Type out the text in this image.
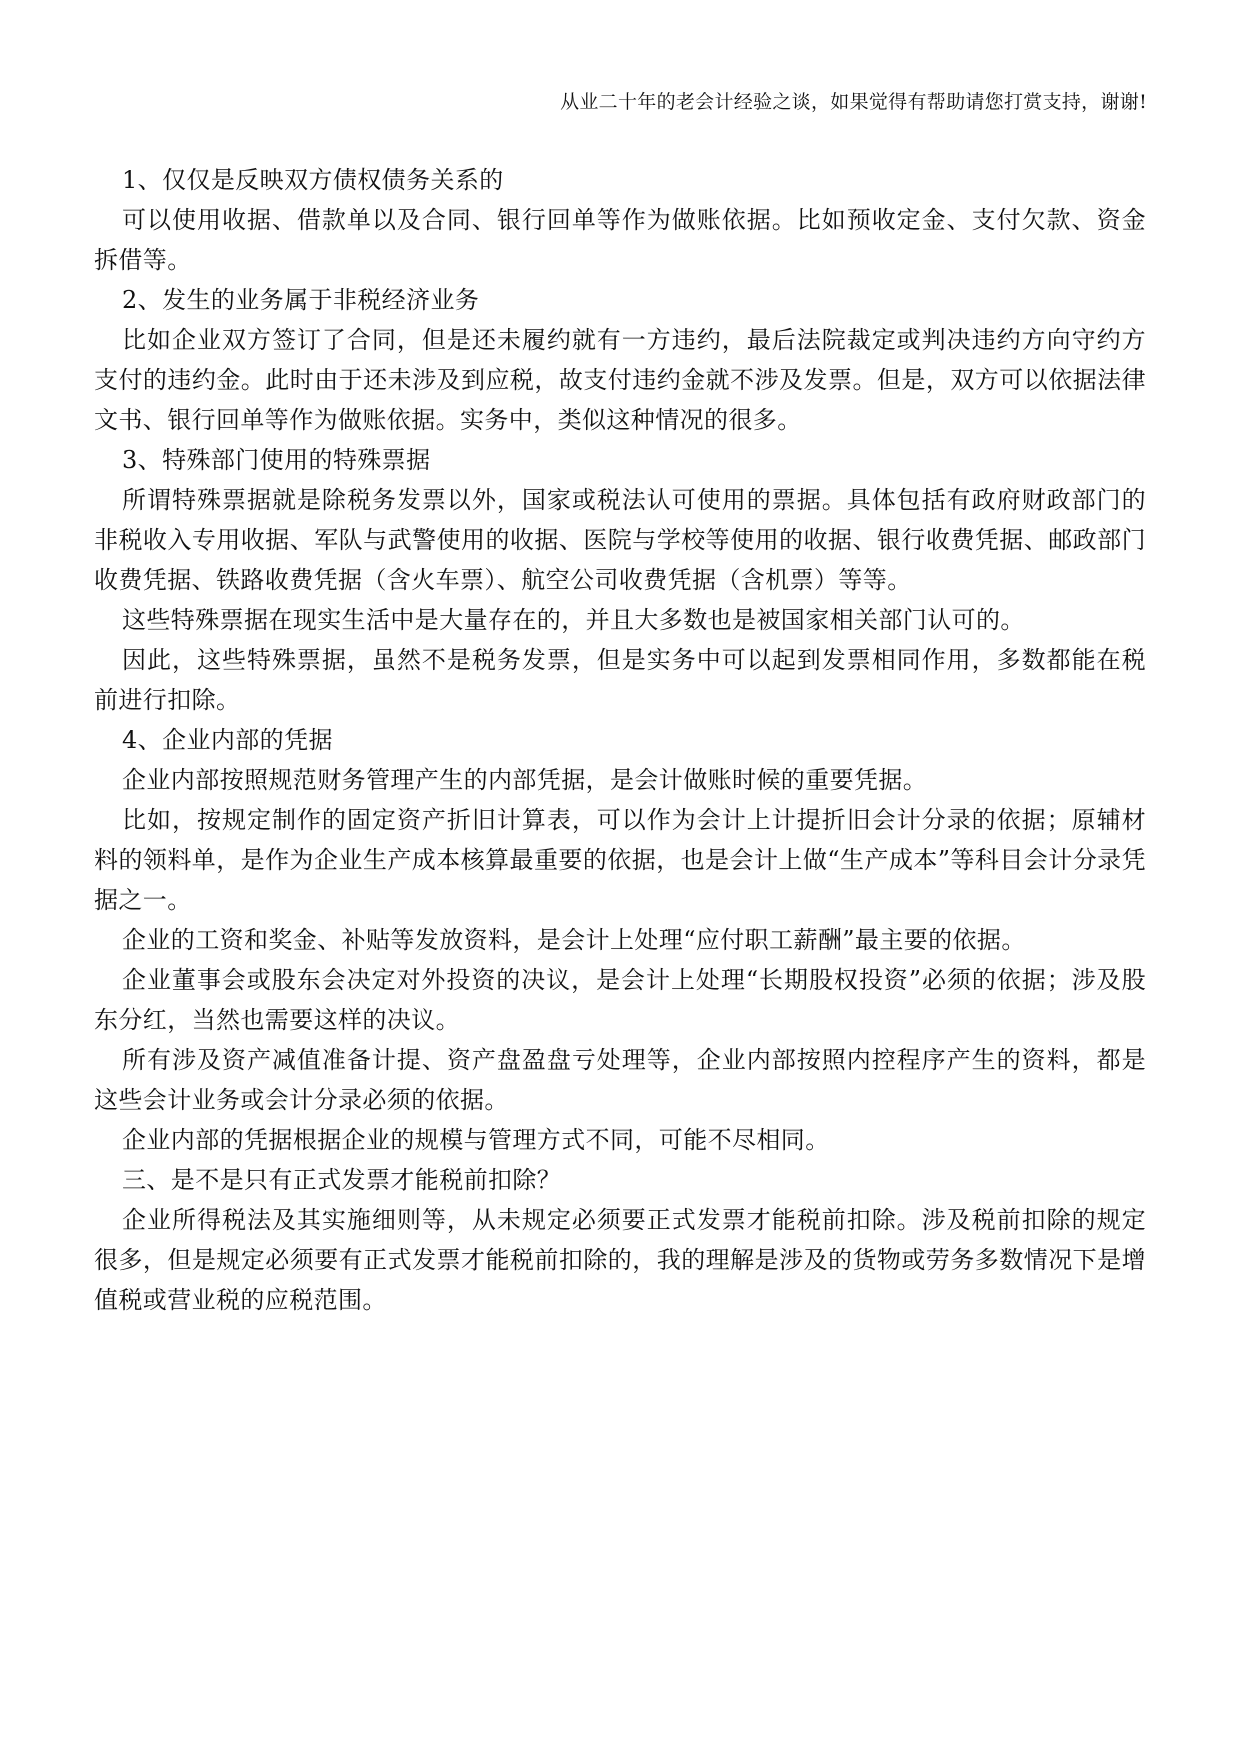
从业二十年的老会计经验之谈，如果觉得有帮助请您打赏支持，谢谢!

1、仅仅是反映双方债权债务关系的

可以使用收据、借款单以及合同、银行回单等作为做账依据。比如预收定金、支付欠款、资金拆借等。

2、发生的业务属于非税经济业务

比如企业双方签订了合同，但是还未履约就有一方违约，最后法院裁定或判决违约方向守约方支付的违约金。此时由于还未涉及到应税，故支付违约金就不涉及发票。但是，双方可以依据法律文书、银行回单等作为做账依据。实务中，类似这种情况的很多。

3、特殊部门使用的特殊票据

所谓特殊票据就是除税务发票以外，国家或税法认可使用的票据。具体包括有政府财政部门的非税收入专用收据、军队与武警使用的收据、医院与学校等使用的收据、银行收费凭据、邮政部门收费凭据、铁路收费凭据（含火车票）、航空公司收费凭据（含机票）等等。

这些特殊票据在现实生活中是大量存在的，并且大多数也是被国家相关部门认可的。

因此，这些特殊票据，虽然不是税务发票，但是实务中可以起到发票相同作用，多数都能在税前进行扣除。

4、企业内部的凭据

企业内部按照规范财务管理产生的内部凭据，是会计做账时候的重要凭据。

比如，按规定制作的固定资产折旧计算表，可以作为会计上计提折旧会计分录的依据；原辅材料的领料单，是作为企业生产成本核算最重要的依据，也是会计上做“生产成本”等科目会计分录凭据之一。

企业的工资和奖金、补贴等发放资料，是会计上处理“应付职工薪酬”最主要的依据。

企业董事会或股东会决定对外投资的决议，是会计上处理“长期股权投资”必须的依据；涉及股东分红，当然也需要这样的决议。

所有涉及资产减值准备计提、资产盘盈盘亏处理等，企业内部按照内控程序产生的资料，都是这些会计业务或会计分录必须的依据。

企业内部的凭据根据企业的规模与管理方式不同，可能不尽相同。

三、是不是只有正式发票才能税前扣除？

企业所得税法及其实施细则等，从未规定必须要正式发票才能税前扣除。涉及税前扣除的规定很多，但是规定必须要有正式发票才能税前扣除的，我的理解是涉及的货物或劳务多数情况下是增值税或营业税的应税范围。
